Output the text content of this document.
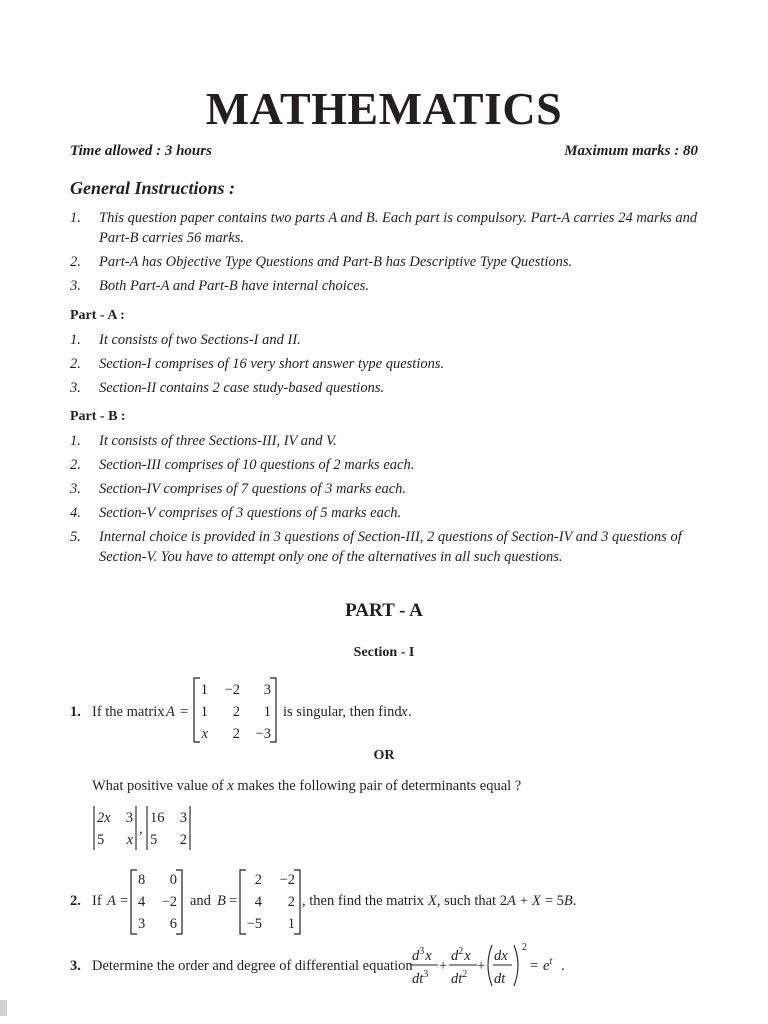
MATHEMATICS
Time allowed : 3 hours	Maximum marks : 80
General Instructions :
1. This question paper contains two parts A and B. Each part is compulsory. Part-A carries 24 marks and Part-B carries 56 marks.
2. Part-A has Objective Type Questions and Part-B has Descriptive Type Questions.
3. Both Part-A and Part-B have internal choices.
Part - A :
1. It consists of two Sections-I and II.
2. Section-I comprises of 16 very short answer type questions.
3. Section-II contains 2 case study-based questions.
Part - B :
1. It consists of three Sections-III, IV and V.
2. Section-III comprises of 10 questions of 2 marks each.
3. Section-IV comprises of 7 questions of 3 marks each.
4. Section-V comprises of 3 questions of 5 marks each.
5. Internal choice is provided in 3 questions of Section-III, 2 questions of Section-IV and 3 questions of Section-V. You have to attempt only one of the alternatives in all such questions.
PART - A
Section - I
1. If the matrix A =
1 −2 3
1 2 1
x 2 −3
is singular, then find x .
OR
What positive value of x makes the following pair of determinants equal ?
2x 3
5 x
,
16 3
5 2
2. If A =
8 0
4 −2
3 6
and B =
2 −2
4 2
−5 1
, then find the matrix X, such that 2A + X = 5B.
3. Determine the order and degree of differential equation
$d^3x$
$dt^3$
+
$d^2x$
$dt^2$
+
dx
dt
2
= $e^t$ .
